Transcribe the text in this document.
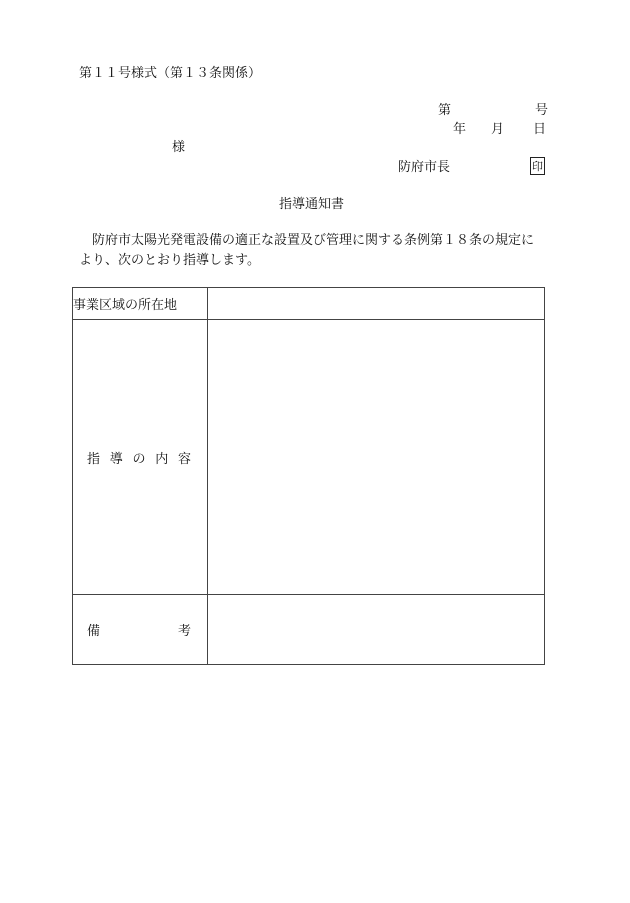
第１１号様式（第１３条関係）
第	号
年 月 日
様
防府市長	印
指導通知書
防府市太陽光発電設備の適正な設置及び管理に関する条例第１８条の規定に
より、次のとおり指導します。
事業区域の所在地	

指 導 の 内 容	

備 考	
